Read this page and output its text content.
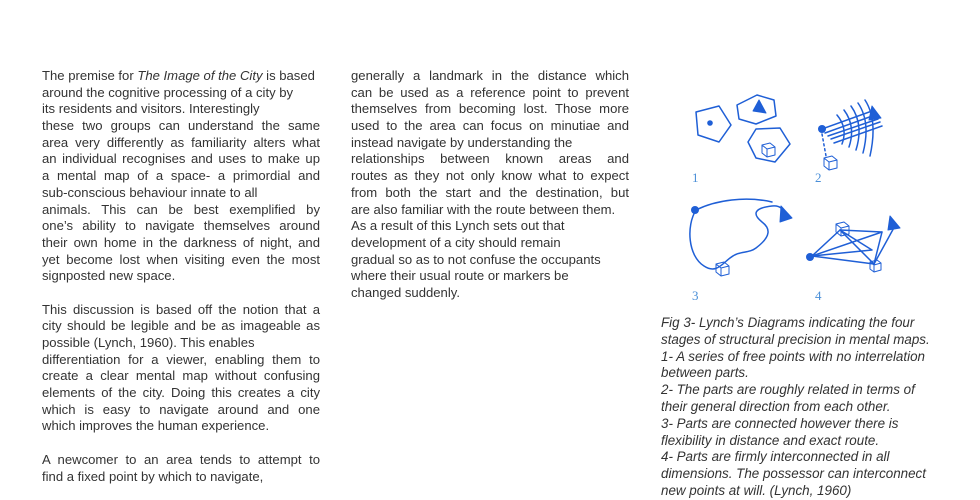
The premise for The Image of the City is based
around the cognitive processing of a city by
its residents and visitors. Interestingly
these two groups can understand the same
area very differently as familiarity alters what
an individual recognises and uses to make up
a mental map of a space- a primordial and
sub-conscious behaviour innate to all
animals. This can be best exemplified by
one’s ability to navigate themselves around
their own home in the darkness of night, and
yet become lost when visiting even the most
signposted new space.
This discussion is based off the notion that a
city should be legible and be as imageable as
possible (Lynch, 1960). This enables
differentiation for a viewer, enabling them to
create a clear mental map without confusing
elements of the city. Doing this creates a city
which is easy to navigate around and one
which improves the human experience.
A newcomer to an area tends to attempt to
find a fixed point by which to navigate,
generally a landmark in the distance which
can be used as a reference point to prevent
themselves from becoming lost. Those more
used to the area can focus on minutiae and
instead navigate by understanding the
relationships between known areas and
routes as they not only know what to expect
from both the start and the destination, but
are also familiar with the route between them.
As a result of this Lynch sets out that
development of a city should remain
gradual so as to not confuse the occupants
where their usual route or markers be
changed suddenly.
1	2
3	4
Fig 3- Lynch’s Diagrams indicating the four
stages of structural precision in mental maps.
1- A series of free points with no interrelation
between parts.
2- The parts are roughly related in terms of
their general direction from each other.
3- Parts are connected however there is
flexibility in distance and exact route.
4- Parts are firmly interconnected in all
dimensions. The possessor can interconnect
new points at will. (Lynch, 1960)
